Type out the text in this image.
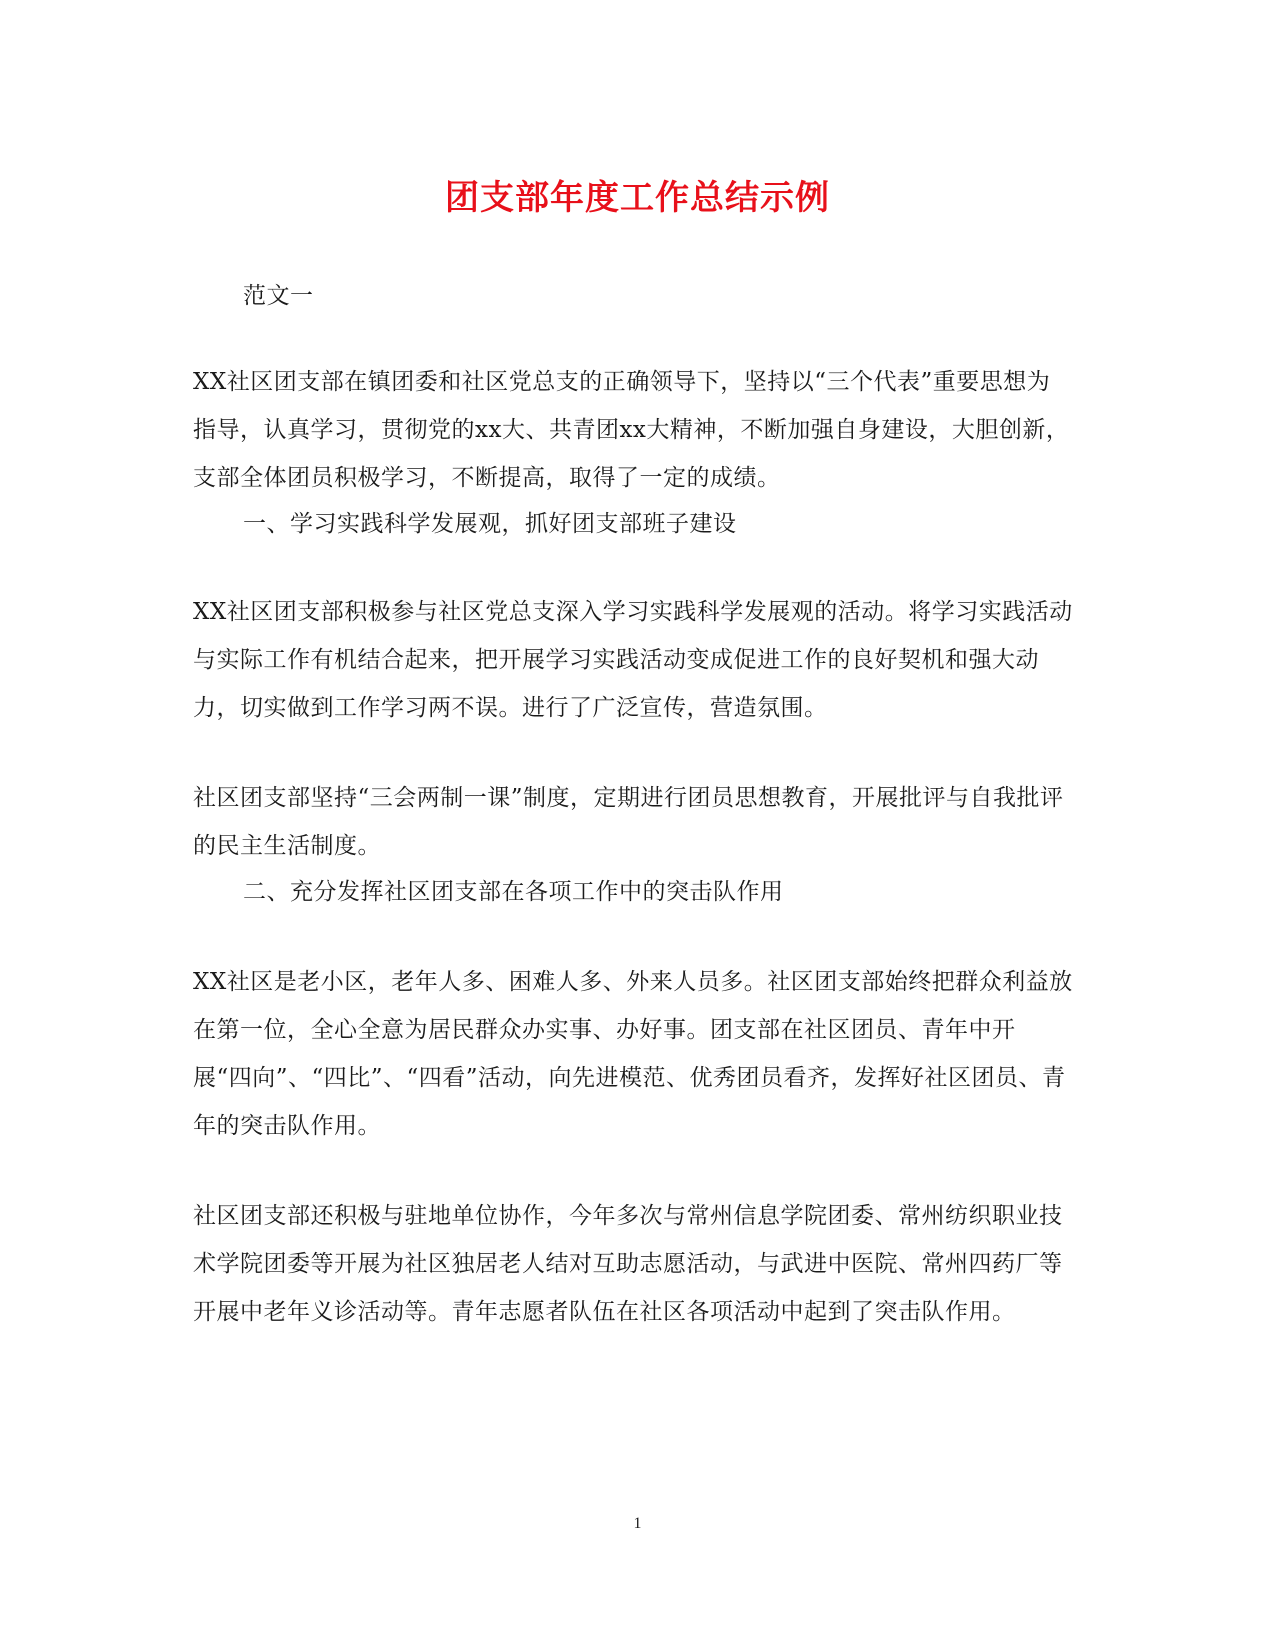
团支部年度工作总结示例

范文一

XX社区团支部在镇团委和社区党总支的正确领导下，坚持以“三个代表”重要思想为指导，认真学习，贯彻党的xx大、共青团xx大精神，不断加强自身建设，大胆创新，支部全体团员积极学习，不断提高，取得了一定的成绩。

一、学习实践科学发展观，抓好团支部班子建设

XX社区团支部积极参与社区党总支深入学习实践科学发展观的活动。将学习实践活动与实际工作有机结合起来，把开展学习实践活动变成促进工作的良好契机和强大动力，切实做到工作学习两不误。进行了广泛宣传，营造氛围。

社区团支部坚持“三会两制一课”制度，定期进行团员思想教育，开展批评与自我批评的民主生活制度。

二、充分发挥社区团支部在各项工作中的突击队作用

XX社区是老小区，老年人多、困难人多、外来人员多。社区团支部始终把群众利益放在第一位，全心全意为居民群众办实事、办好事。团支部在社区团员、青年中开展“四向”、“四比”、“四看”活动，向先进模范、优秀团员看齐，发挥好社区团员、青年的突击队作用。

社区团支部还积极与驻地单位协作，今年多次与常州信息学院团委、常州纺织职业技术学院团委等开展为社区独居老人结对互助志愿活动，与武进中医院、常州四药厂等开展中老年义诊活动等。青年志愿者队伍在社区各项活动中起到了突击队作用。

1
